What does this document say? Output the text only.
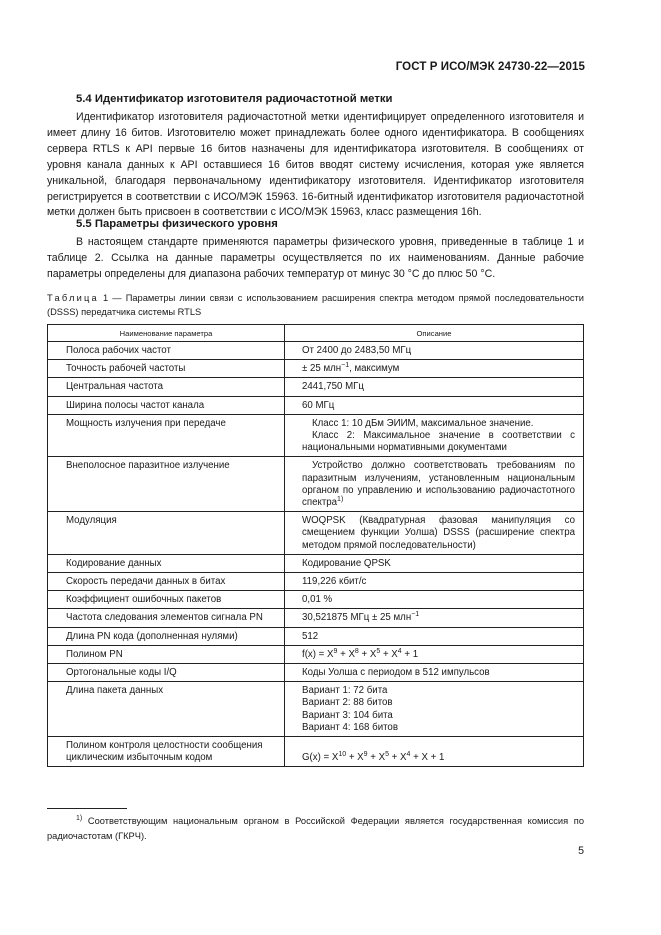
ГОСТ Р ИСО/МЭК 24730-22—2015
5.4 Идентификатор изготовителя радиочастотной метки

Идентификатор изготовителя радиочастотной метки идентифицирует определенного изготовителя и имеет длину 16 битов. Изготовителю может принадлежать более одного идентификатора. В сообщениях сервера RTLS к API первые 16 битов назначены для идентификатора изготовителя. В сообщениях от уровня канала данных к API оставшиеся 16 битов вводят систему исчисления, которая уже является уникальной, благодаря первоначальному идентификатору изготовителя. Идентификатор изготовителя регистрируется в соответствии с ИСО/МЭК 15963. 16-битный идентификатор изготовителя радиочастотной метки должен быть присвоен в соответствии с ИСО/МЭК 15963, класс размещения 16h.

5.5 Параметры физического уровня

В настоящем стандарте применяются параметры физического уровня, приведенные в таблице 1 и таблице 2. Ссылка на данные параметры осуществляется по их наименованиям. Данные рабочие параметры определены для диапазона рабочих температур от минус 30 °С до плюс 50 °С.

Таблица 1 — Параметры линии связи с использованием расширения спектра методом прямой последовательности (DSSS) передатчика системы RTLS

Наименование параметра	Описание
Полоса рабочих частот	От 2400 до 2483,50 МГц
Точность рабочей частоты	± 25 млн$^{-1}$, максимум
Центральная частота	2441,750 МГц
Ширина полосы частот канала	60 МГц
Мощность излучения при передаче	Класс 1: 10 дБм ЭИИМ, максимальное значение.
Класс 2: Максимальное значение в соответствии с национальными нормативными документами

Внеполосное паразитное излучение	Устройство должно соответствовать требованиям по паразитным излучениям, установленным национальным органом по управлению и использованию радиочастотного спектра$^{1)}$
Модуляция	WOQPSK (Квадратурная фазовая манипуляция со смещением функции Уолша) DSSS (расширение спектра методом прямой последовательности)
Кодирование данных	Кодирование QPSK
Скорость передачи данных в битах	119,226 кбит/с
Коэффициент ошибочных пакетов	0,01 %
Частота следования элементов сигнала PN	30,521875 МГц ± 25 млн$^{-1}$
Длина PN кода (дополненная нулями)	512
Полином PN	$f(x) = X^9 + X^8 + X^5 + X^4 + 1$
Ортогональные коды I/Q	Коды Уолша с периодом в 512 импульсов
Длина пакета данных	Вариант 1: 72 бита
Вариант 2: 88 битов
Вариант 3: 104 бита
Вариант 4: 168 битов

Полином контроля целостности сообщения циклическим избыточным кодом	$G(x) = X^{10} + X^9 + X^5 + X^4 + X + 1$

$^{1)}$ Соответствующим национальным органом в Российской Федерации является государственная комиссия по радиочастотам (ГКРЧ).

5
